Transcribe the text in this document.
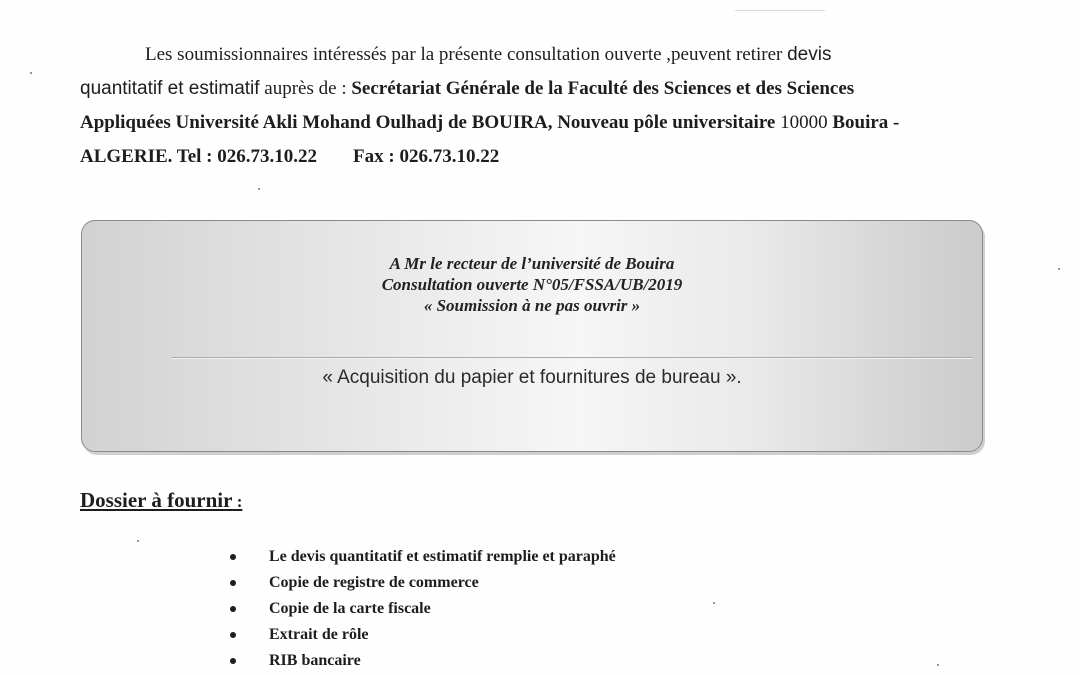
Les soumissionnaires intéressés par la présente consultation ouverte ,peuvent retirer devis
quantitatif et estimatif auprès de : Secrétariat Générale de la Faculté des Sciences et des Sciences
Appliquées Université Akli Mohand Oulhadj de BOUIRA, Nouveau pôle universitaire 10000 Bouira -
ALGERIE. Tel : 026.73.10.22 Fax : 026.73.10.22
A Mr le recteur de l’université de Bouira
Consultation ouverte N°05/FSSA/UB/2019
« Soumission à ne pas ouvrir »
« Acquisition du papier et fournitures de bureau ».
Dossier à fournir :
Le devis quantitatif et estimatif remplie et paraphé
Copie de registre de commerce
Copie de la carte fiscale
Extrait de rôle
RIB bancaire
